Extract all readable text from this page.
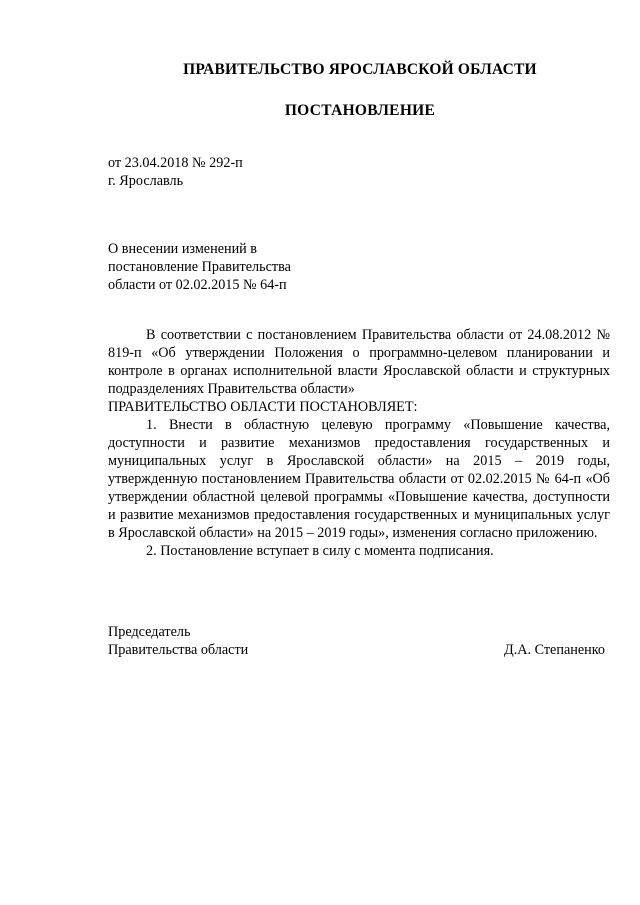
ПРАВИТЕЛЬСТВО ЯРОСЛАВСКОЙ ОБЛАСТИ
ПОСТАНОВЛЕНИЕ
от 23.04.2018 № 292-п
г. Ярославль
О внесении изменений в
постановление Правительства
области от 02.02.2015 № 64-п

В соответствии с постановлением Правительства области от 24.08.2012 № 819-п «Об утверждении Положения о программно-целевом планировании и контроле в органах исполнительной власти Ярославской области и структурных подразделениях Правительства области»

ПРАВИТЕЛЬСТВО ОБЛАСТИ ПОСТАНОВЛЯЕТ:

1. Внести в областную целевую программу «Повышение качества, доступности и развитие механизмов предоставления государственных и муниципальных услуг в Ярославской области» на 2015 – 2019 годы, утвержденную постановлением Правительства области от 02.02.2015 № 64-п «Об утверждении областной целевой программы «Повышение качества, доступности и развитие механизмов предоставления государственных и муниципальных услуг в Ярославской области» на 2015 – 2019 годы», изменения согласно приложению.

2. Постановление вступает в силу с момента подписания.

Председатель
Правительства области	Д.А. Степаненко
